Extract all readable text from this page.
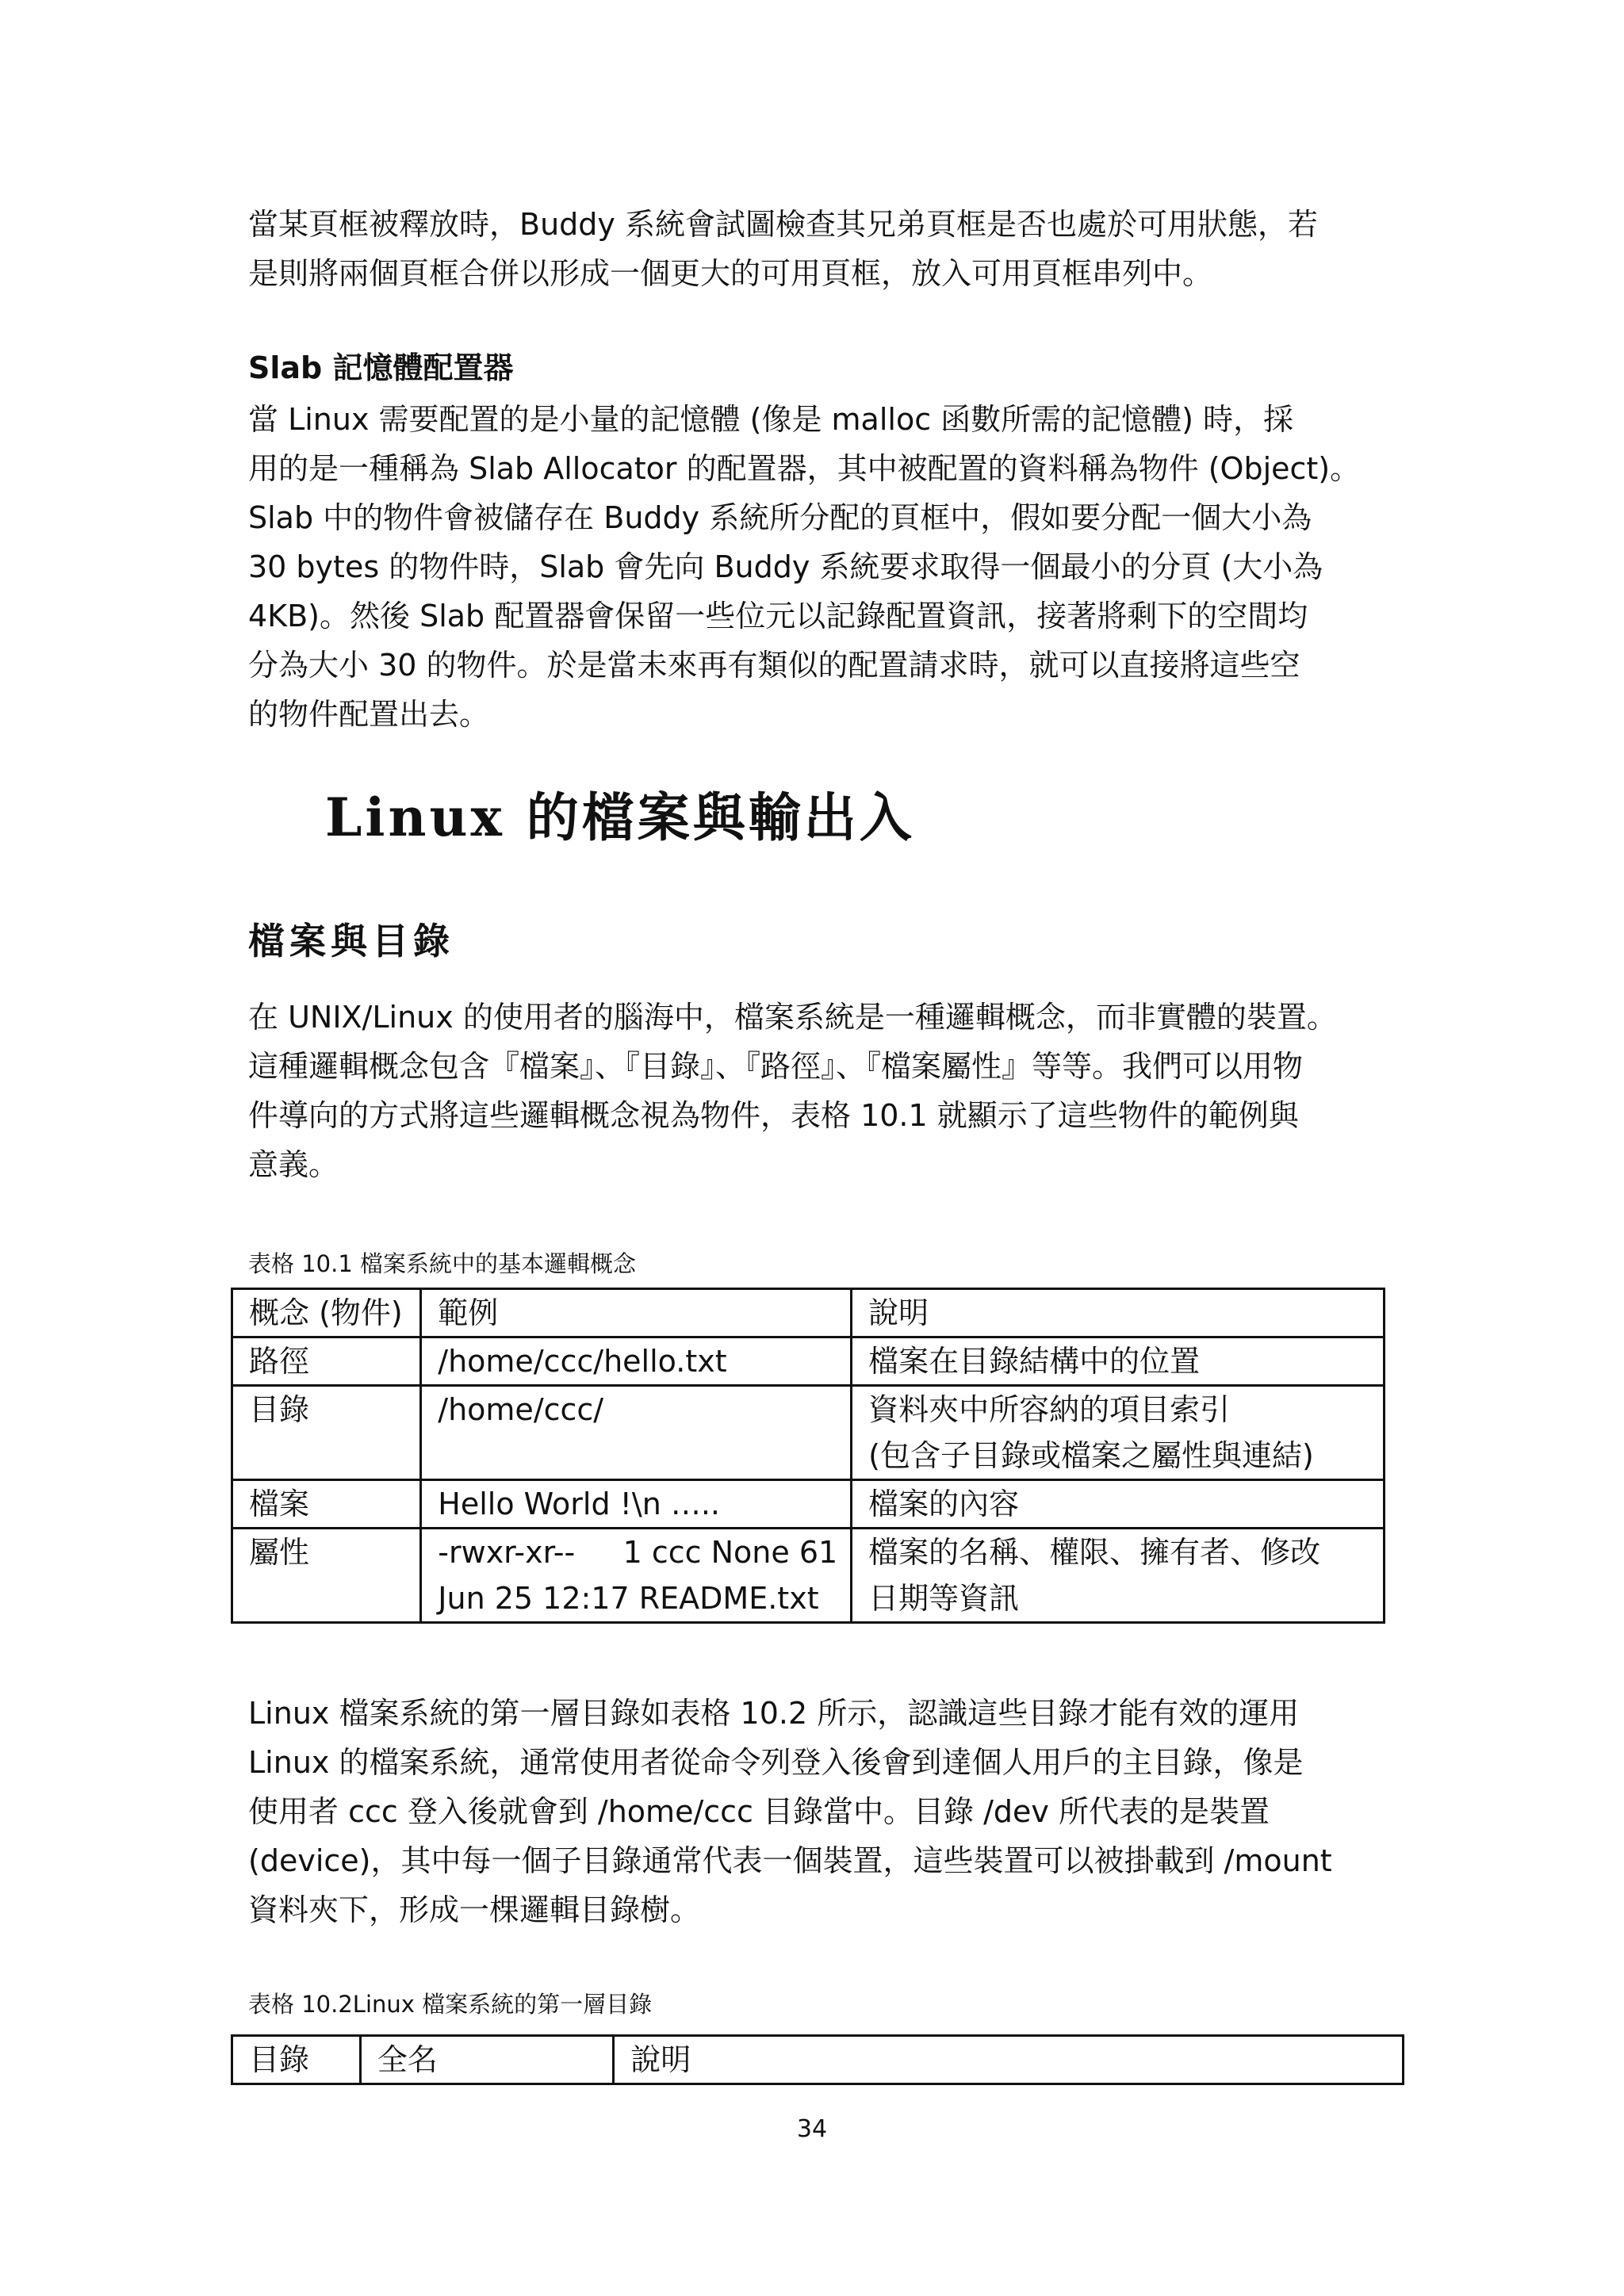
當某頁框被釋放時，Buddy 系統會試圖檢查其兄弟頁框是否也處於可用狀態，若
是則將兩個頁框合併以形成一個更大的可用頁框，放入可用頁框串列中。
Slab 記憶體配置器
當 Linux 需要配置的是小量的記憶體 (像是 malloc 函數所需的記憶體) 時，採
用的是一種稱為 Slab Allocator 的配置器，其中被配置的資料稱為物件 (Object)。
Slab 中的物件會被儲存在 Buddy 系統所分配的頁框中，假如要分配一個大小為
30 bytes 的物件時，Slab 會先向 Buddy 系統要求取得一個最小的分頁 (大小為
4KB)。然後 Slab 配置器會保留一些位元以記錄配置資訊，接著將剩下的空間均
分為大小 30 的物件。於是當未來再有類似的配置請求時，就可以直接將這些空
的物件配置出去。
Linux 的檔案與輸出入
檔案與目錄
在 UNIX/Linux 的使用者的腦海中，檔案系統是一種邏輯概念，而非實體的裝置。
這種邏輯概念包含『檔案』、『目錄』、『路徑』、『檔案屬性』等等。我們可以用物
件導向的方式將這些邏輯概念視為物件，表格 10.1 就顯示了這些物件的範例與
意義。

表格 10.1 檔案系統中的基本邏輯概念

概念 (物件)	範例	說明
路徑	/home/ccc/hello.txt	檔案在目錄結構中的位置

目錄	/home/ccc/	資料夾中所容納的項目索引
(包含子目錄或檔案之屬性與連結)

檔案	Hello World !\n …..	檔案的內容

屬性	-rwxr-xr--     1 ccc None 61
Jun 25 12:17 README.txt	檔案的名稱、權限、擁有者、修改
日期等資訊
Linux 檔案系統的第一層目錄如表格 10.2 所示，認識這些目錄才能有效的運用
Linux 的檔案系統，通常使用者從命令列登入後會到達個人用戶的主目錄，像是
使用者 ccc 登入後就會到 /home/ccc 目錄當中。目錄 /dev 所代表的是裝置
(device)，其中每一個子目錄通常代表一個裝置，這些裝置可以被掛載到 /mount
資料夾下，形成一棵邏輯目錄樹。

表格 10.2Linux 檔案系統的第一層目錄

目錄	全名	說明

34
